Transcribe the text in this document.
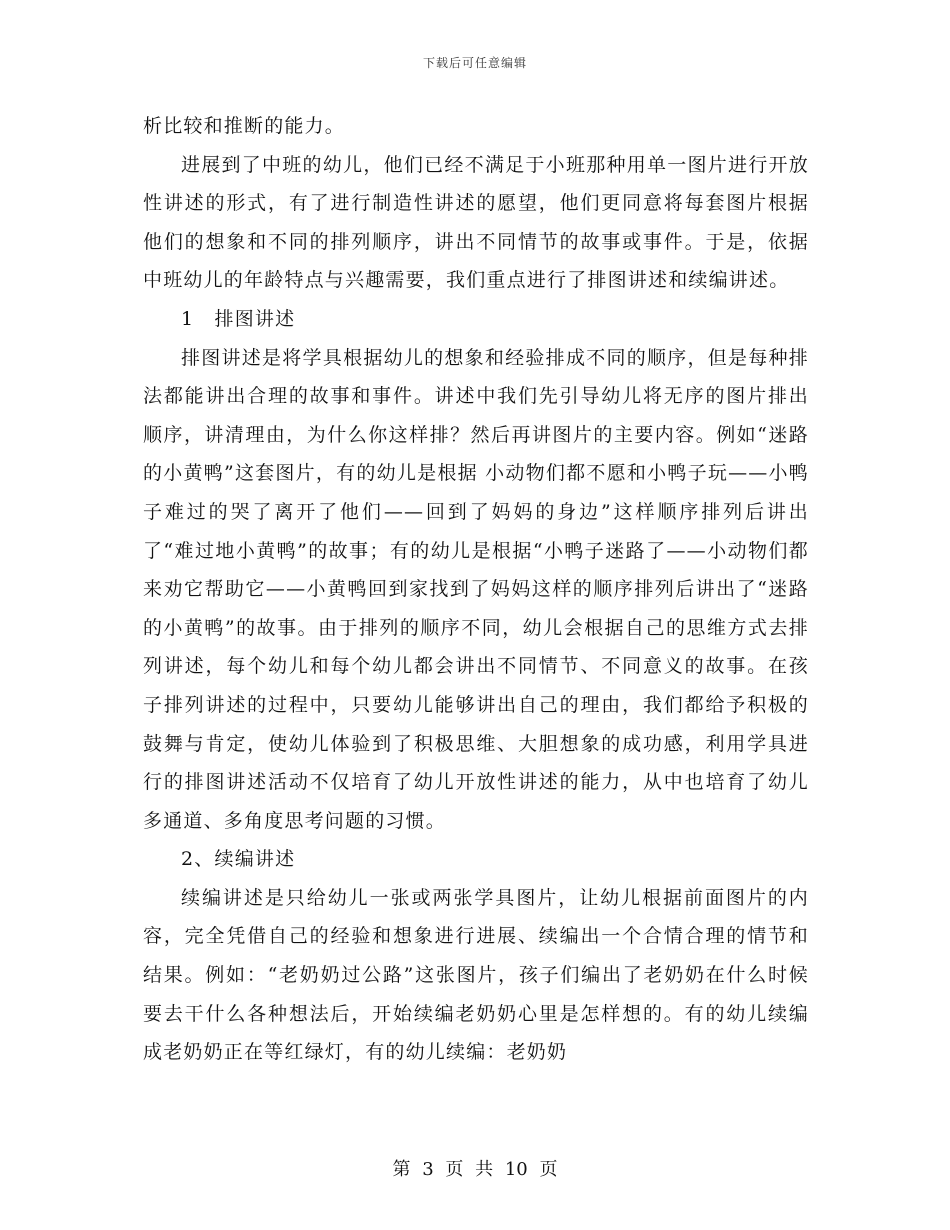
下载后可任意编辑

析比较和推断的能力。

进展到了中班的幼儿，他们已经不满足于小班那种用单一图片进行开放性讲述的形式，有了进行制造性讲述的愿望，他们更同意将每套图片根据他们的想象和不同的排列顺序，讲出不同情节的故事或事件。于是，依据中班幼儿的年龄特点与兴趣需要，我们重点进行了排图讲述和续编讲述。

1　排图讲述

排图讲述是将学具根据幼儿的想象和经验排成不同的顺序，但是每种排法都能讲出合理的故事和事件。讲述中我们先引导幼儿将无序的图片排出顺序，讲清理由，为什么你这样排？然后再讲图片的主要内容。例如“迷路的小黄鸭”这套图片，有的幼儿是根据 小动物们都不愿和小鸭子玩——小鸭子难过的哭了离开了他们——回到了妈妈的身边”这样顺序排列后讲出了“难过地小黄鸭”的故事；有的幼儿是根据“小鸭子迷路了——小动物们都来劝它帮助它——小黄鸭回到家找到了妈妈这样的顺序排列后讲出了“迷路的小黄鸭”的故事。由于排列的顺序不同，幼儿会根据自己的思维方式去排列讲述，每个幼儿和每个幼儿都会讲出不同情节、不同意义的故事。在孩子排列讲述的过程中，只要幼儿能够讲出自己的理由，我们都给予积极的鼓舞与肯定，使幼儿体验到了积极思维、大胆想象的成功感，利用学具进行的排图讲述活动不仅培育了幼儿开放性讲述的能力，从中也培育了幼儿多通道、多角度思考问题的习惯。

2、续编讲述

续编讲述是只给幼儿一张或两张学具图片，让幼儿根据前面图片的内容，完全凭借自己的经验和想象进行进展、续编出一个合情合理的情节和结果。例如：“老奶奶过公路”这张图片，孩子们编出了老奶奶在什么时候要去干什么各种想法后，开始续编老奶奶心里是怎样想的。有的幼儿续编成老奶奶正在等红绿灯，有的幼儿续编：老奶奶

第 3 页 共 10 页
